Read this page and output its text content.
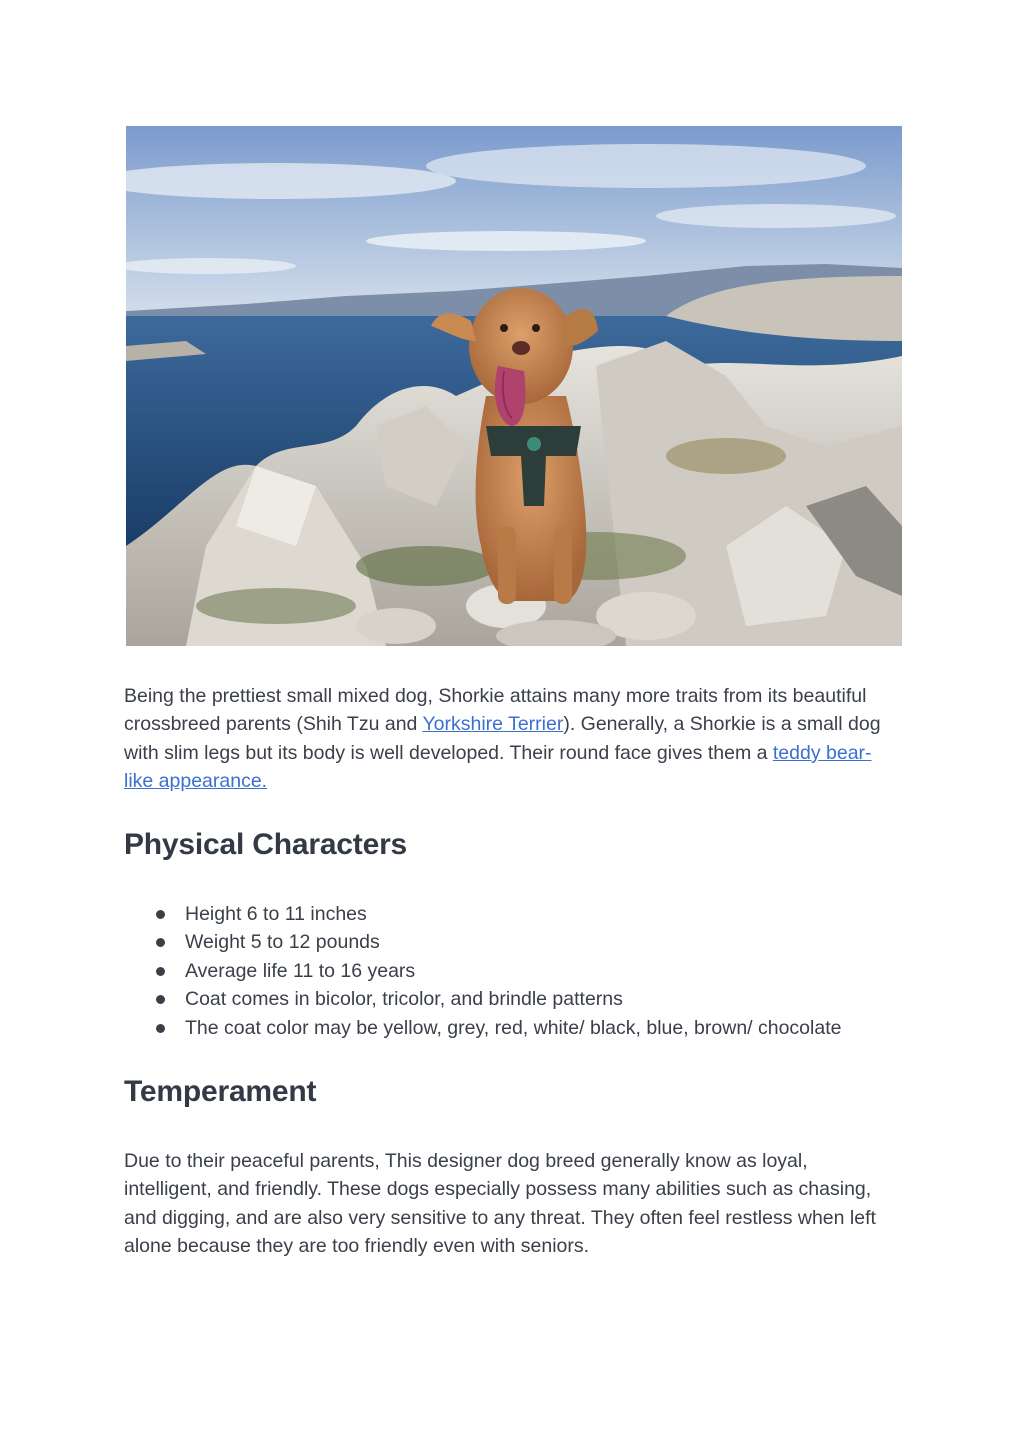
Being the prettiest small mixed dog, Shorkie attains many more traits from its beautiful crossbreed parents (Shih Tzu and Yorkshire Terrier). Generally, a Shorkie is a small dog with slim legs but its body is well developed. Their round face gives them a teddy bear-like appearance.

Physical Characters
Height 6 to 11 inches
Weight 5 to 12 pounds
Average life 11 to 16 years
Coat comes in bicolor, tricolor, and brindle patterns
The coat color may be yellow, grey, red, white/ black, blue, brown/ chocolate
Temperament

Due to their peaceful parents, This designer dog breed generally know as loyal, intelligent, and friendly. These dogs especially possess many abilities such as chasing, and digging, and are also very sensitive to any threat. They often feel restless when left alone because they are too friendly even with seniors.
